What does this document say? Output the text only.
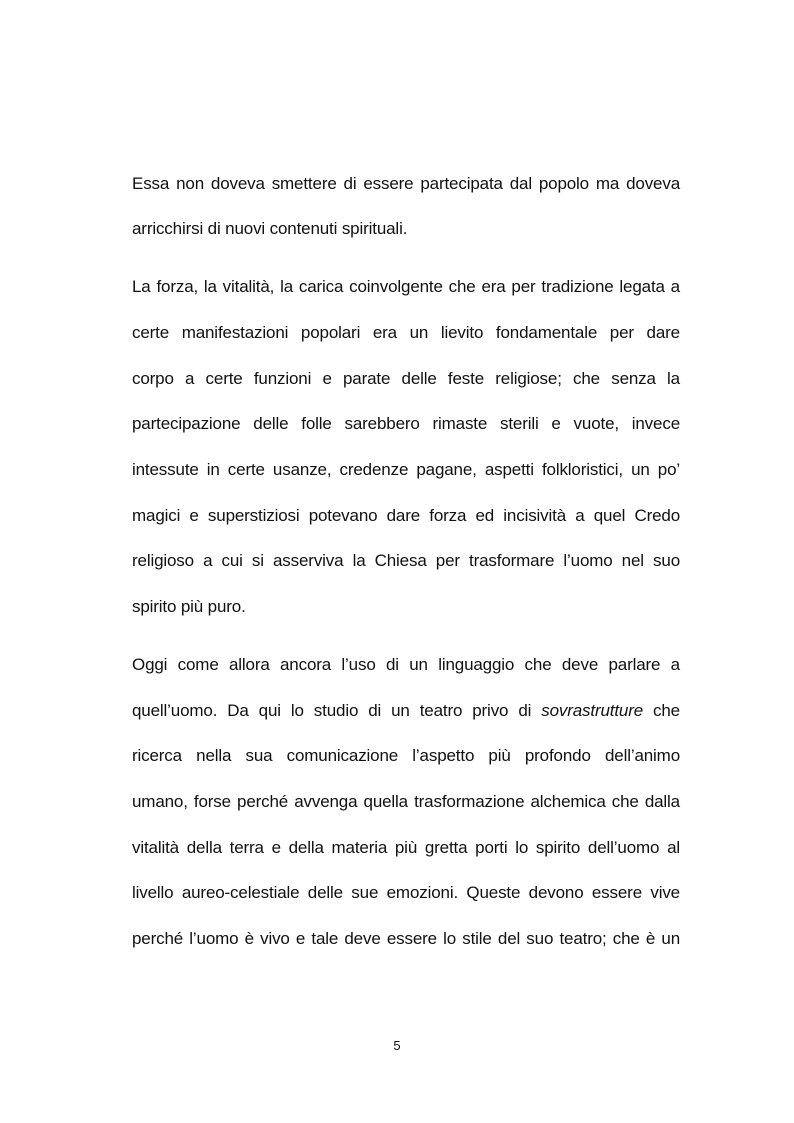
Essa non doveva smettere di essere partecipata dal popolo ma doveva
arricchirsi di nuovi contenuti spirituali.
La forza, la vitalità, la carica coinvolgente che era per tradizione legata a
certe manifestazioni popolari era un lievito fondamentale per dare
corpo a certe funzioni e parate delle feste religiose; che senza la
partecipazione delle folle sarebbero rimaste sterili e vuote, invece
intessute in certe usanze, credenze pagane, aspetti folkloristici, un po’
magici e superstiziosi potevano dare forza ed incisività a quel Credo
religioso a cui si asserviva la Chiesa per trasformare l’uomo nel suo
spirito più puro.
Oggi come allora ancora l’uso di un linguaggio che deve parlare a
quell’uomo. Da qui lo studio di un teatro privo di sovrastrutture che
ricerca nella sua comunicazione l’aspetto più profondo dell’animo
umano, forse perché avvenga quella trasformazione alchemica che dalla
vitalità della terra e della materia più gretta porti lo spirito dell’uomo al
livello aureo-celestiale delle sue emozioni. Queste devono essere vive
perché l’uomo è vivo e tale deve essere lo stile del suo teatro; che è un
5
